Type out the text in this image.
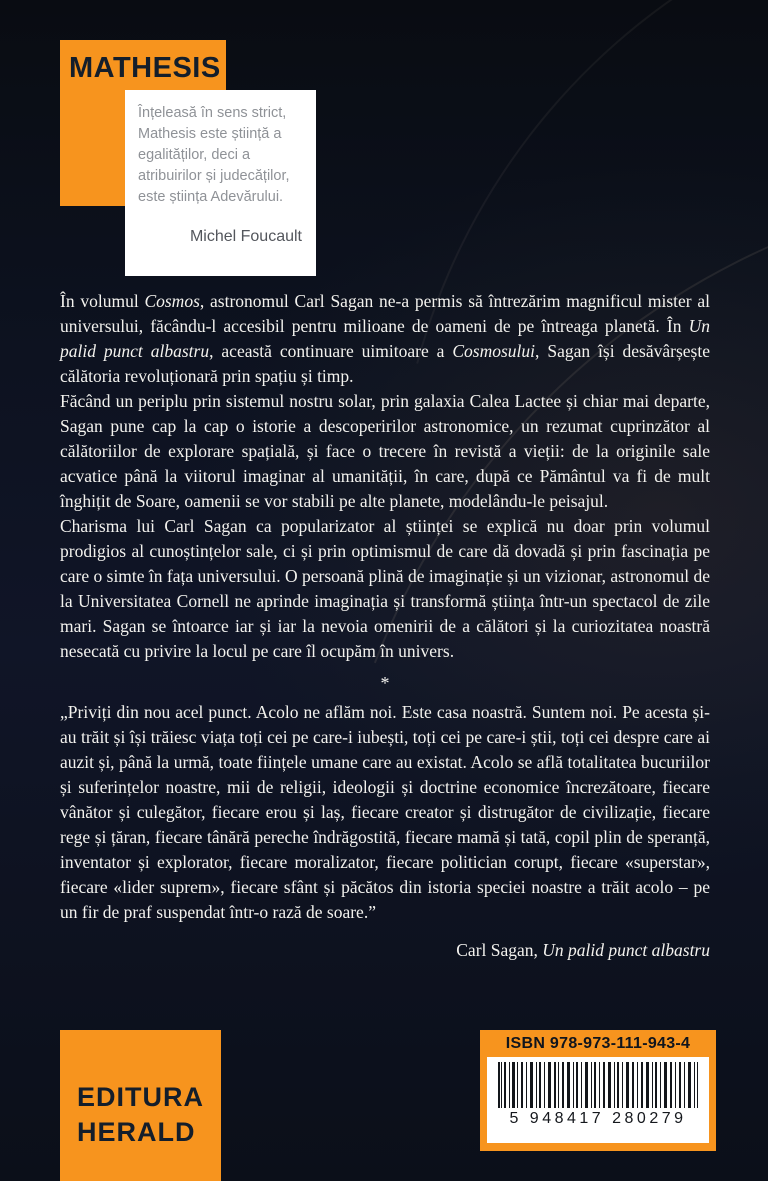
MATHESIS

Înțeleasă în sens strict, Mathesis este știință a egalităților, deci a atribuirilor și judecăților, este știința Adevărului.

Michel Foucault

În volumul Cosmos, astronomul Carl Sagan ne-a permis să întrezărim magnificul mister al universului, făcându-l accesibil pentru milioane de oameni de pe întreaga planetă. În Un palid punct albastru, această continuare uimitoare a Cosmosului, Sagan își desăvârșește călătoria revoluționară prin spațiu și timp.

Făcând un periplu prin sistemul nostru solar, prin galaxia Calea Lactee și chiar mai departe, Sagan pune cap la cap o istorie a descoperirilor astronomice, un rezumat cuprinzător al călătoriilor de explorare spațială, și face o trecere în revistă a vieții: de la originile sale acvatice până la viitorul imaginar al umanității, în care, după ce Pământul va fi de mult înghițit de Soare, oamenii se vor stabili pe alte planete, modelându-le peisajul.

Charisma lui Carl Sagan ca popularizator al științei se explică nu doar prin volumul prodigios al cunoștințelor sale, ci și prin optimismul de care dă dovadă și prin fascinația pe care o simte în fața universului. O persoană plină de imaginație și un vizionar, astronomul de la Universitatea Cornell ne aprinde imaginația și transformă știința într-un spectacol de zile mari. Sagan se întoarce iar și iar la nevoia omenirii de a călători și la curiozitatea noastră nesecată cu privire la locul pe care îl ocupăm în univers.

*

„Priviți din nou acel punct. Acolo ne aflăm noi. Este casa noastră. Suntem noi. Pe acesta și-au trăit și își trăiesc viața toți cei pe care-i iubești, toți cei pe care-i știi, toți cei despre care ai auzit și, până la urmă, toate ființele umane care au existat. Acolo se află totalitatea bucuriilor și suferințelor noastre, mii de religii, ideologii și doctrine economice încrezătoare, fiecare vânător și culegător, fiecare erou și laș, fiecare creator și distrugător de civilizație, fiecare rege și țăran, fiecare tânără pereche îndrăgostită, fiecare mamă și tată, copil plin de speranță, inventator și explorator, fiecare moralizator, fiecare politician corupt, fiecare «superstar», fiecare «lider suprem», fiecare sfânt și păcătos din istoria speciei noastre a trăit acolo – pe un fir de praf suspendat într-o rază de soare.”

Carl Sagan, Un palid punct albastru
EDITURA
HERALD
ISBN 978-973-111-943-4
5 948417 280279
